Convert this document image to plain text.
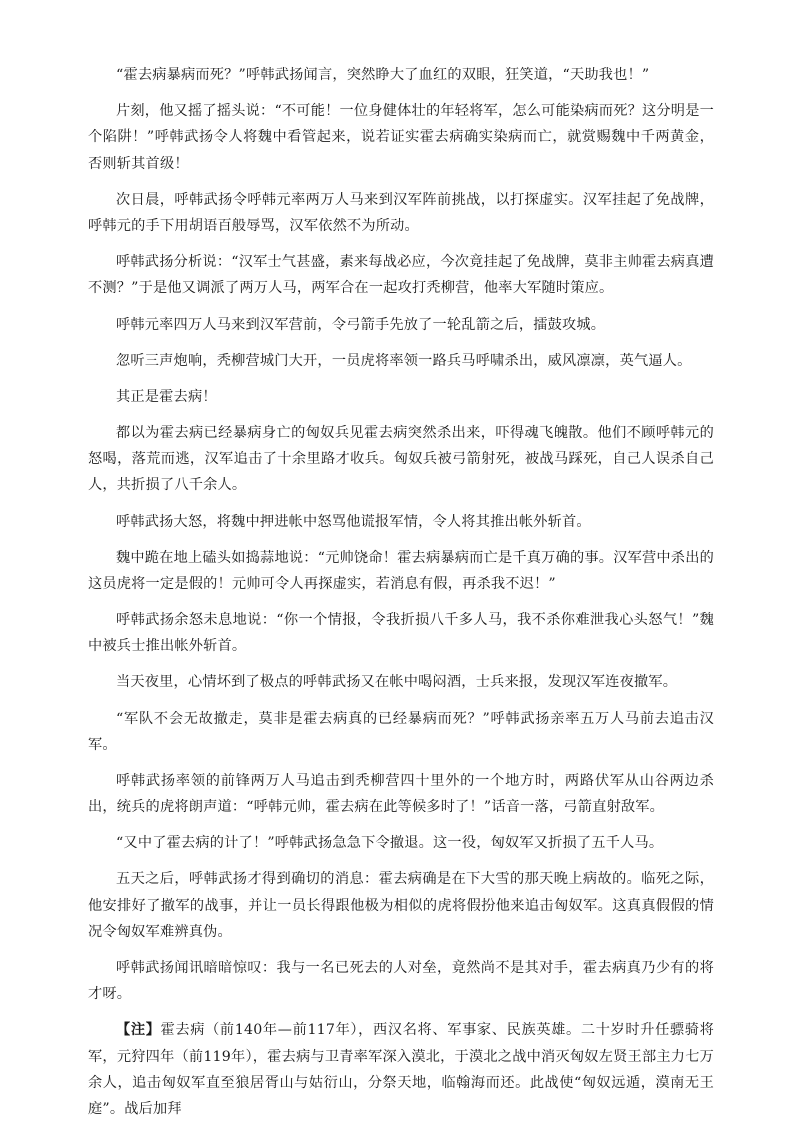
“霍去病暴病而死？”呼韩武扬闻言，突然睁大了血红的双眼，狂笑道，“天助我也！”

片刻，他又摇了摇头说：“不可能！一位身健体壮的年轻将军，怎么可能染病而死？这分明是一个陷阱！”呼韩武扬令人将魏中看管起来，说若证实霍去病确实染病而亡，就赏赐魏中千两黄金，否则斩其首级！

次日晨，呼韩武扬令呼韩元率两万人马来到汉军阵前挑战，以打探虚实。汉军挂起了免战牌，呼韩元的手下用胡语百般辱骂，汉军依然不为所动。

呼韩武扬分析说：“汉军士气甚盛，素来每战必应，今次竟挂起了免战牌，莫非主帅霍去病真遭不测？”于是他又调派了两万人马，两军合在一起攻打秃柳营，他率大军随时策应。

呼韩元率四万人马来到汉军营前，令弓箭手先放了一轮乱箭之后，擂鼓攻城。

忽听三声炮响，秃柳营城门大开，一员虎将率领一路兵马呼啸杀出，威风凛凛，英气逼人。

其正是霍去病！

都以为霍去病已经暴病身亡的匈奴兵见霍去病突然杀出来，吓得魂飞魄散。他们不顾呼韩元的怒喝，落荒而逃，汉军追击了十余里路才收兵。匈奴兵被弓箭射死，被战马踩死，自己人误杀自己人，共折损了八千余人。

呼韩武扬大怒，将魏中押进帐中怒骂他谎报军情，令人将其推出帐外斩首。

魏中跪在地上磕头如捣蒜地说：“元帅饶命！霍去病暴病而亡是千真万确的事。汉军营中杀出的这员虎将一定是假的！元帅可令人再探虚实，若消息有假，再杀我不迟！”

呼韩武扬余怒未息地说：“你一个情报，令我折损八千多人马，我不杀你难泄我心头怒气！”魏中被兵士推出帐外斩首。

当天夜里，心情坏到了极点的呼韩武扬又在帐中喝闷酒，士兵来报，发现汉军连夜撤军。

“军队不会无故撤走，莫非是霍去病真的已经暴病而死？”呼韩武扬亲率五万人马前去追击汉军。

呼韩武扬率领的前锋两万人马追击到秃柳营四十里外的一个地方时，两路伏军从山谷两边杀出，统兵的虎将朗声道：“呼韩元帅，霍去病在此等候多时了！”话音一落，弓箭直射敌军。

“又中了霍去病的计了！”呼韩武扬急急下令撤退。这一役，匈奴军又折损了五千人马。

五天之后，呼韩武扬才得到确切的消息：霍去病确是在下大雪的那天晚上病故的。临死之际，他安排好了撤军的战事，并让一员长得跟他极为相似的虎将假扮他来追击匈奴军。这真真假假的情况令匈奴军难辨真伪。

呼韩武扬闻讯暗暗惊叹：我与一名已死去的人对垒，竟然尚不是其对手，霍去病真乃少有的将才呀。

【注】霍去病（前140年—前117年），西汉名将、军事家、民族英雄。二十岁时升任骠骑将军，元狩四年（前119年），霍去病与卫青率军深入漠北，于漠北之战中消灭匈奴左贤王部主力七万余人，追击匈奴军直至狼居胥山与姑衍山，分祭天地，临翰海而还。此战使“匈奴远遁，漠南无王庭”。战后加拜
